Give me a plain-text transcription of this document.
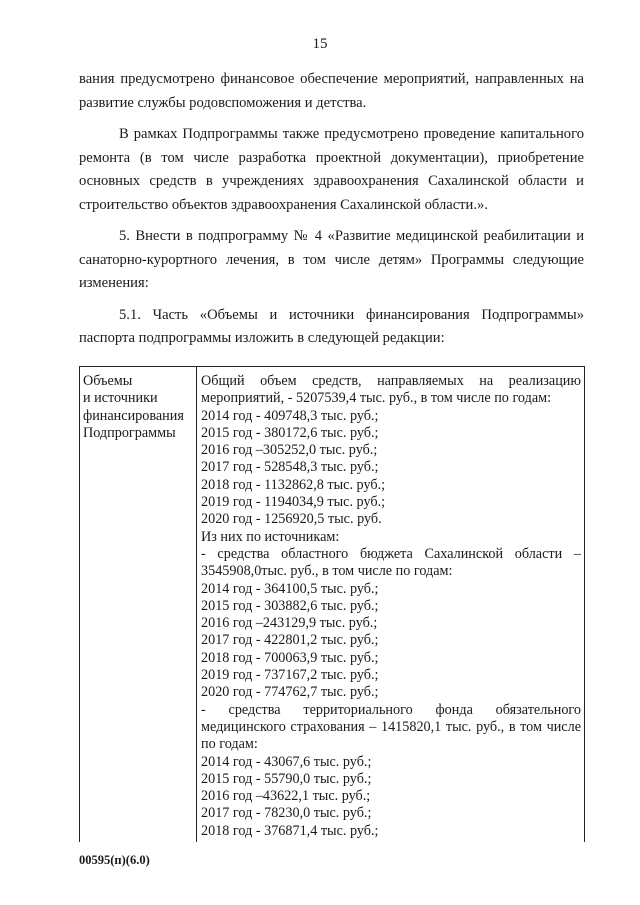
15

вания предусмотрено финансовое обеспечение мероприятий, направленных на развитие службы родовспоможения и детства.

В рамках Подпрограммы также предусмотрено проведение капитального ремонта (в том числе разработка проектной документации), приобретение основных средств в учреждениях здравоохранения Сахалинской области и строительство объектов здравоохранения Сахалинской области.».

5. Внести в подпрограмму № 4 «Развитие медицинской реабилитации и санаторно-курортного лечения, в том числе детям» Программы следующие изменения:

5.1. Часть «Объемы и источники финансирования Подпрограммы» паспорта подпрограммы изложить в следующей редакции:

Объемы
и источники
финансирования
Подпрограммы
Общий объем средств, направляемых на реализацию мероприятий, - 5207539,4 тыс. руб., в том числе по годам:
2014 год - 409748,3 тыс. руб.;
2015 год - 380172,6 тыс. руб.;
2016 год –305252,0 тыс. руб.;
2017 год - 528548,3 тыс. руб.;
2018 год - 1132862,8 тыс. руб.;
2019 год - 1194034,9 тыс. руб.;
2020 год - 1256920,5 тыс. руб.
Из них по источникам:
- средства областного бюджета Сахалинской области – 3545908,0тыс. руб., в том числе по годам:
2014 год - 364100,5 тыс. руб.;
2015 год - 303882,6 тыс. руб.;
2016 год –243129,9 тыс. руб.;
2017 год - 422801,2 тыс. руб.;
2018 год - 700063,9 тыс. руб.;
2019 год - 737167,2 тыс. руб.;
2020 год - 774762,7 тыс. руб.;
- средства территориального фонда обязательного медицинского страхования – 1415820,1 тыс. руб., в том числе по годам:
2014 год - 43067,6 тыс. руб.;
2015 год - 55790,0 тыс. руб.;
2016 год –43622,1 тыс. руб.;
2017 год - 78230,0 тыс. руб.;
2018 год - 376871,4 тыс. руб.;
00595(п)(6.0)
